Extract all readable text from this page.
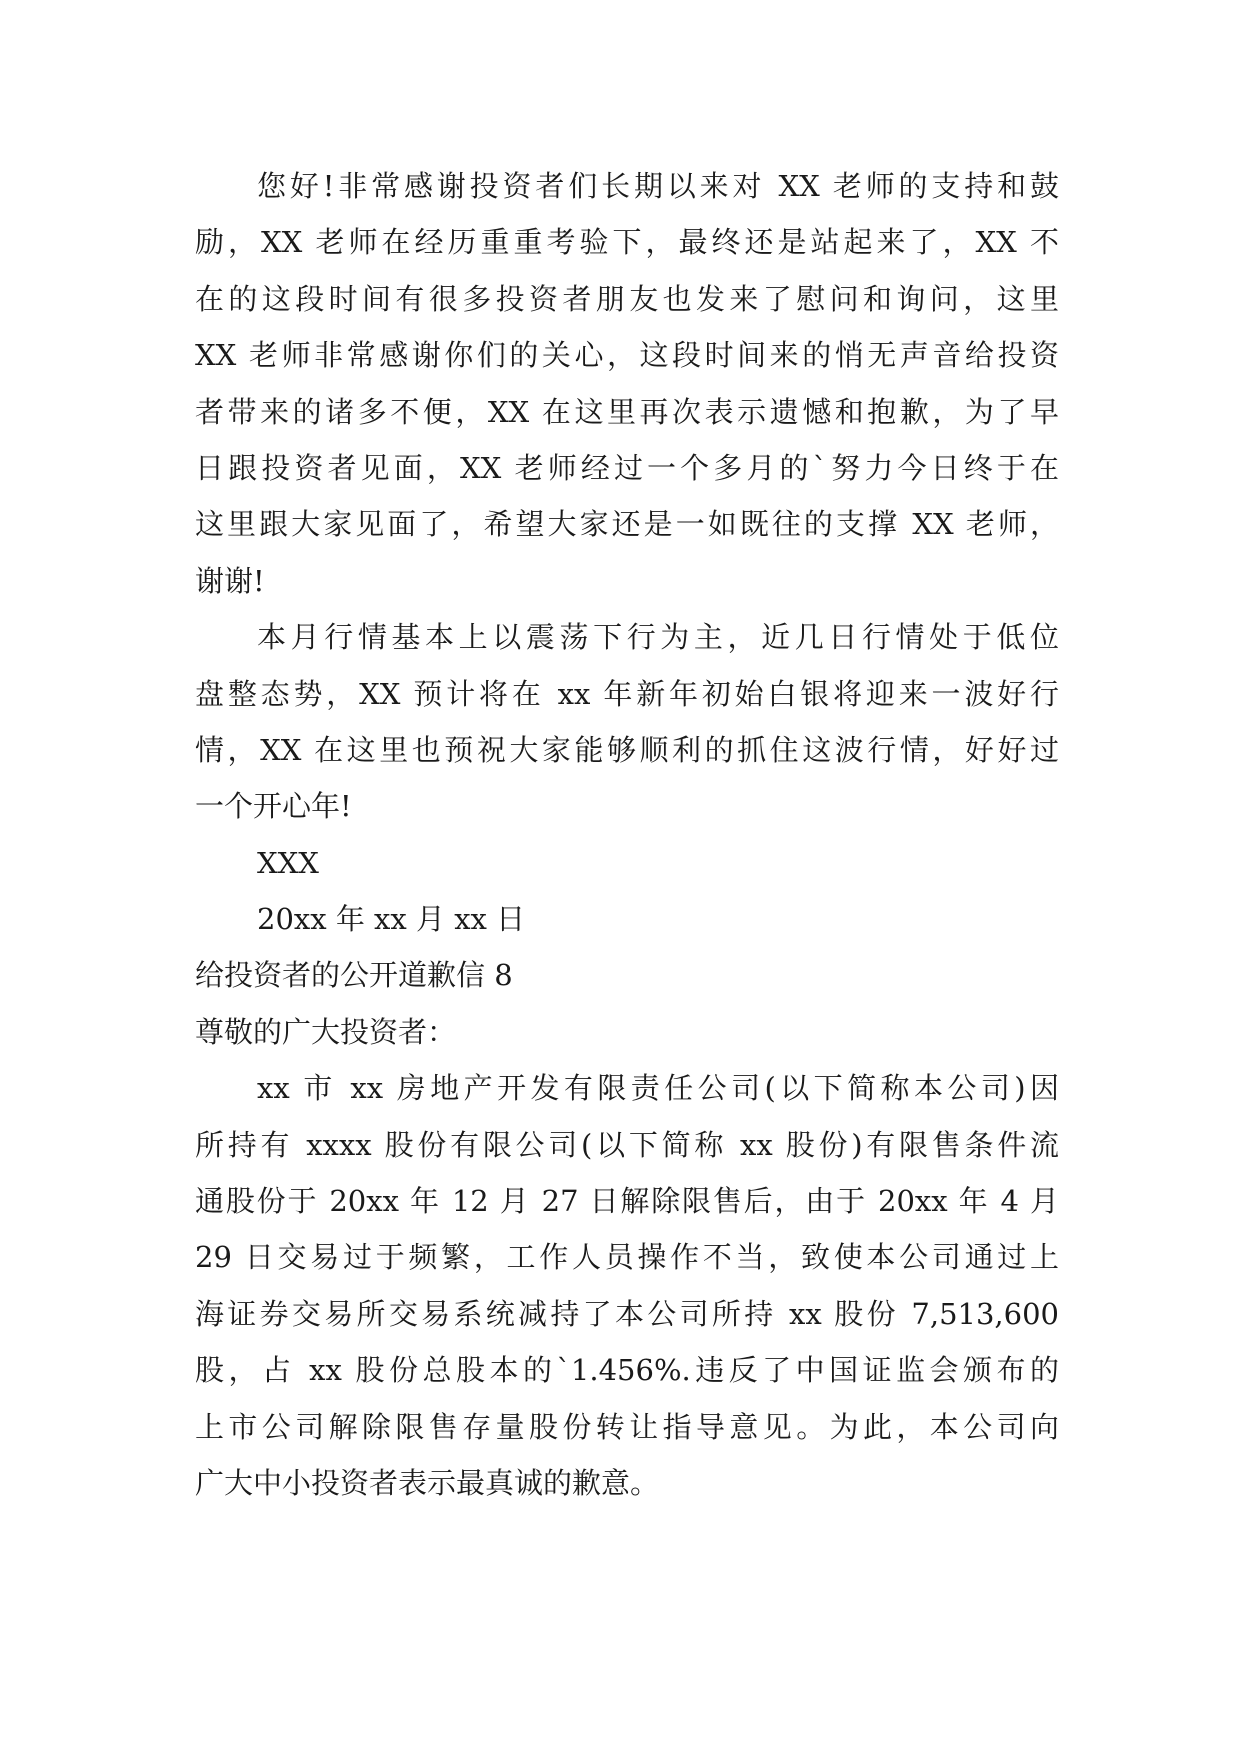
您好!非常感谢投资者们长期以来对 XX 老师的支持和鼓
励，XX 老师在经历重重考验下，最终还是站起来了，XX 不
在的这段时间有很多投资者朋友也发来了慰问和询问，这里
XX 老师非常感谢你们的关心，这段时间来的悄无声音给投资
者带来的诸多不便，XX 在这里再次表示遗憾和抱歉，为了早
日跟投资者见面，XX 老师经过一个多月的`努力今日终于在
这里跟大家见面了，希望大家还是一如既往的支撑 XX 老师，
谢谢!
本月行情基本上以震荡下行为主，近几日行情处于低位
盘整态势，XX 预计将在 xx 年新年初始白银将迎来一波好行
情，XX 在这里也预祝大家能够顺利的抓住这波行情，好好过
一个开心年!
XXX
20xx 年 xx 月 xx 日
给投资者的公开道歉信 8
尊敬的广大投资者：
xx 市 xx 房地产开发有限责任公司(以下简称本公司)因
所持有 xxxx 股份有限公司(以下简称 xx 股份)有限售条件流
通股份于 20xx 年 12 月 27 日解除限售后，由于 20xx 年 4 月
29 日交易过于频繁，工作人员操作不当，致使本公司通过上
海证券交易所交易系统减持了本公司所持 xx 股份 7,513,600
股，占 xx 股份总股本的`1.456%.违反了中国证监会颁布的
上市公司解除限售存量股份转让指导意见。为此，本公司向
广大中小投资者表示最真诚的歉意。
